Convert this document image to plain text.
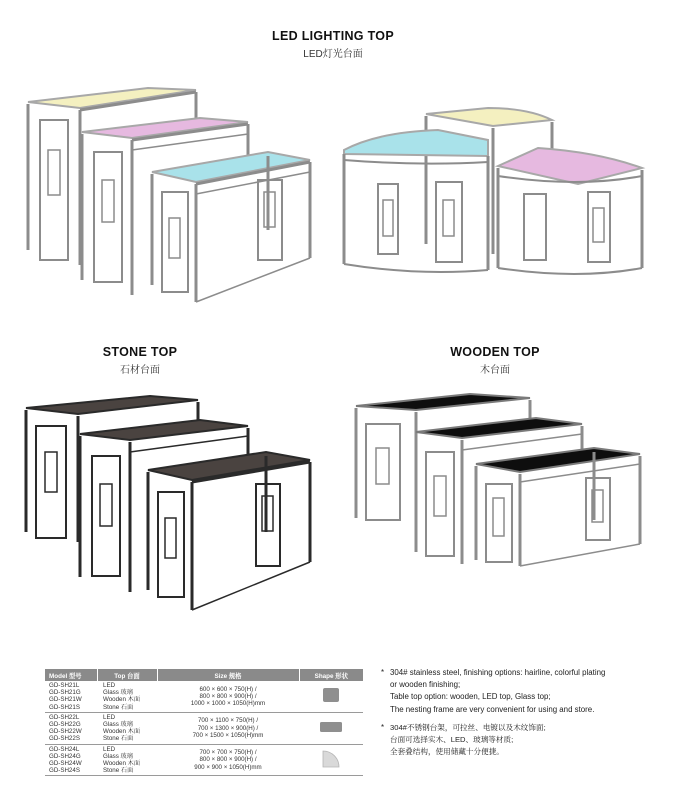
LED LIGHTING TOP
LED灯光台面
STONE TOP
石材台面
WOODEN TOP
木台面
Model 型号	Top 台面	Size 规格	Shape 形状

GD-SH21L
GD-SH21G
GD-SH21W
GD-SH21S	LED
Glass 玻璃
Wooden 木面
Stone 石面	600 × 600 × 750(H) /
800 × 800 × 900(H) /
1000 × 1000 × 1050(H)mm

GD-SH22L
GD-SH22G
GD-SH22W
GD-SH22S	LED
Glass 玻璃
Wooden 木面
Stone 石面	700 × 1100 × 750(H) /
700 × 1300 × 900(H) /
700 × 1500 × 1050(H)mm

GD-SH24L
GD-SH24G
GD-SH24W
GD-SH24S	LED
Glass 玻璃
Wooden 木面
Stone 石面	700 × 700 × 750(H) /
800 × 800 × 900(H) /
900 × 900 × 1050(H)mm

* 304# stainless steel, finishing options: hairline, colorful plating
or wooden finishing;
Table top option: wooden, LED top, Glass top;
The nesting frame are very convenient for using and store.
* 304#不锈钢台架，可拉丝、电镀以及木纹饰面;
台面可选择实木、LED、玻璃等材质;
全套叠结构，使用储藏十分便捷。
